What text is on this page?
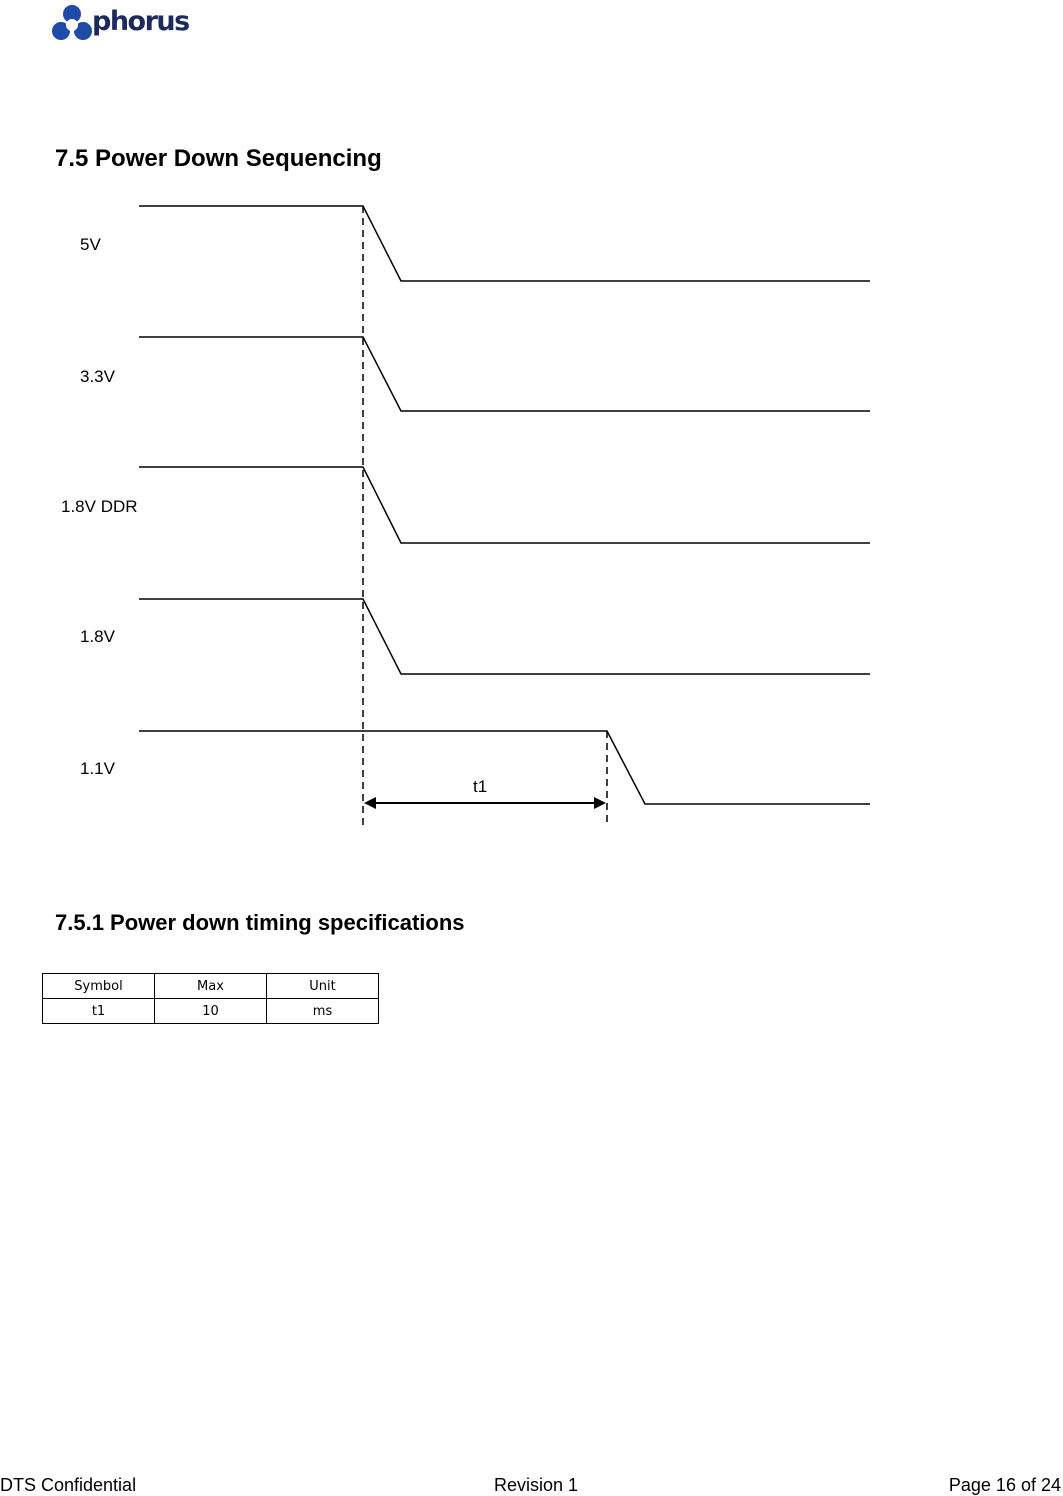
phorus
7.5 Power Down Sequencing
5V
3.3V
1.8V DDR
1.8V
1.1V
t1
7.5.1 Power down timing specifications
Symbol	Max	Unit
t1	10	ms
DTS Confidential	Revision 1	Page 16 of 24
